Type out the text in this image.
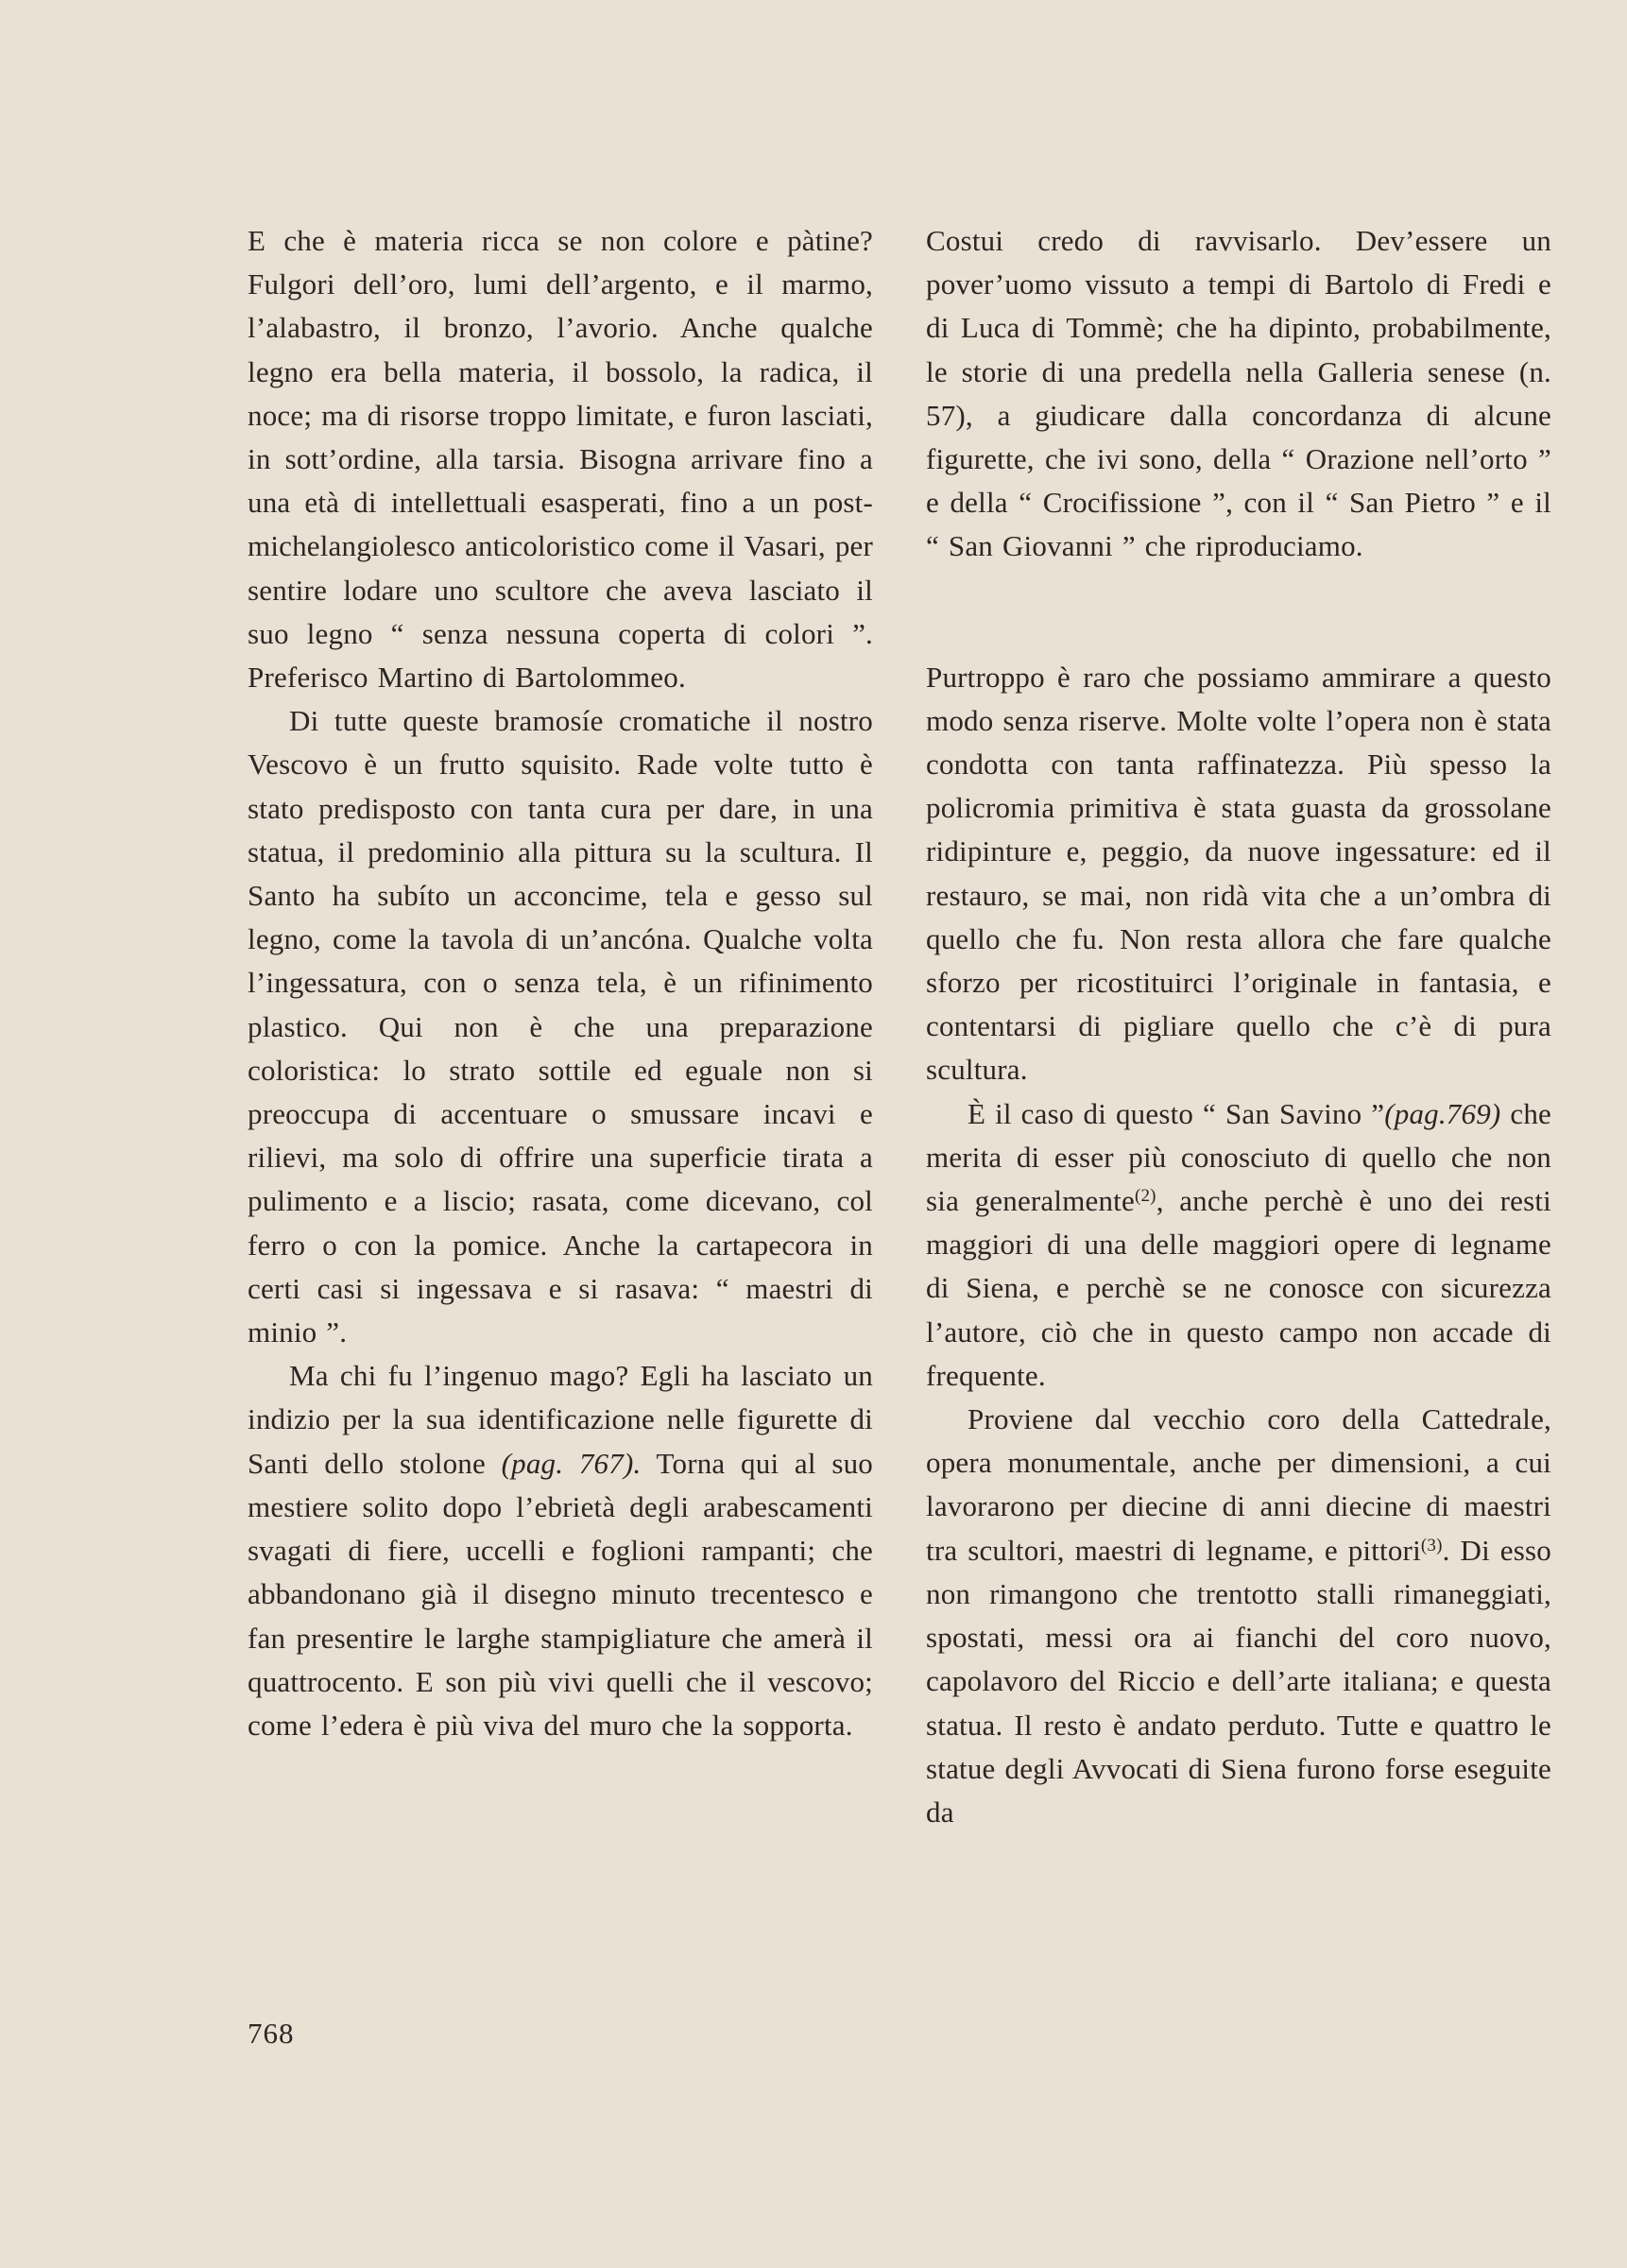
E che è materia ricca se non colore e pàtine? Fulgori dell’oro, lumi dell’argento, e il marmo, l’alabastro, il bronzo, l’avorio. Anche qualche legno era bella materia, il bossolo, la radica, il noce; ma di risorse troppo limitate, e furon lasciati, in sott’ordine, alla tarsia. Bisogna arrivare fino a una età di intellettuali esasperati, fino a un post-michelangiolesco anticoloristico come il Vasari, per sentire lodare uno scultore che aveva lasciato il suo legno “ senza nessuna coperta di colori ”. Preferisco Martino di Bartolommeo.

Di tutte queste bramosíe cromatiche il nostro Vescovo è un frutto squisito. Rade volte tutto è stato predisposto con tanta cura per dare, in una statua, il predominio alla pittura su la scultura. Il Santo ha subíto un acconcime, tela e gesso sul legno, come la tavola di un’ancóna. Qualche volta l’ingessatura, con o senza tela, è un rifinimento plastico. Qui non è che una preparazione coloristica: lo strato sottile ed eguale non si preoccupa di accentuare o smussare incavi e rilievi, ma solo di offrire una superficie tirata a pulimento e a liscio; rasata, come dicevano, col ferro o con la pomice. Anche la cartapecora in certi casi si ingessava e si rasava: “ maestri di minio ”.

Ma chi fu l’ingenuo mago? Egli ha lasciato un indizio per la sua identificazione nelle figurette di Santi dello stolone (pag. 767). Torna qui al suo mestiere solito dopo l’ebrietà degli arabescamenti svagati di fiere, uccelli e foglioni rampanti; che abbandonano già il disegno minuto trecentesco e fan presentire le larghe stampigliature che amerà il quattrocento. E son più vivi quelli che il vescovo; come l’edera è più viva del muro che la sopporta.

Costui credo di ravvisarlo. Dev’essere un pover’uomo vissuto a tempi di Bartolo di Fredi e di Luca di Tommè; che ha dipinto, probabilmente, le storie di una predella nella Galleria senese (n. 57), a giudicare dalla concordanza di alcune figurette, che ivi sono, della “ Orazione nell’orto ” e della “ Crocifissione ”, con il “ San Pietro ” e il “ San Giovanni ” che riproduciamo.

Purtroppo è raro che possiamo ammirare a questo modo senza riserve. Molte volte l’opera non è stata condotta con tanta raffinatezza. Più spesso la policromia primitiva è stata guasta da grossolane ridipinture e, peggio, da nuove ingessature: ed il restauro, se mai, non ridà vita che a un’ombra di quello che fu. Non resta allora che fare qualche sforzo per ricostituirci l’originale in fantasia, e contentarsi di pigliare quello che c’è di pura scultura.

È il caso di questo “ San Savino ”(pag.769) che merita di esser più conosciuto di quello che non sia generalmente$^{(2)}$, anche perchè è uno dei resti maggiori di una delle maggiori opere di legname di Siena, e perchè se ne conosce con sicurezza l’autore, ciò che in questo campo non accade di frequente.

Proviene dal vecchio coro della Cattedrale, opera monumentale, anche per dimensioni, a cui lavorarono per diecine di anni diecine di maestri tra scultori, maestri di legname, e pittori$^{(3)}$. Di esso non rimangono che trentotto stalli rimaneggiati, spostati, messi ora ai fianchi del coro nuovo, capolavoro del Riccio e dell’arte italiana; e questa statua. Il resto è andato perduto. Tutte e quattro le statue degli Avvocati di Siena furono forse eseguite da

768
